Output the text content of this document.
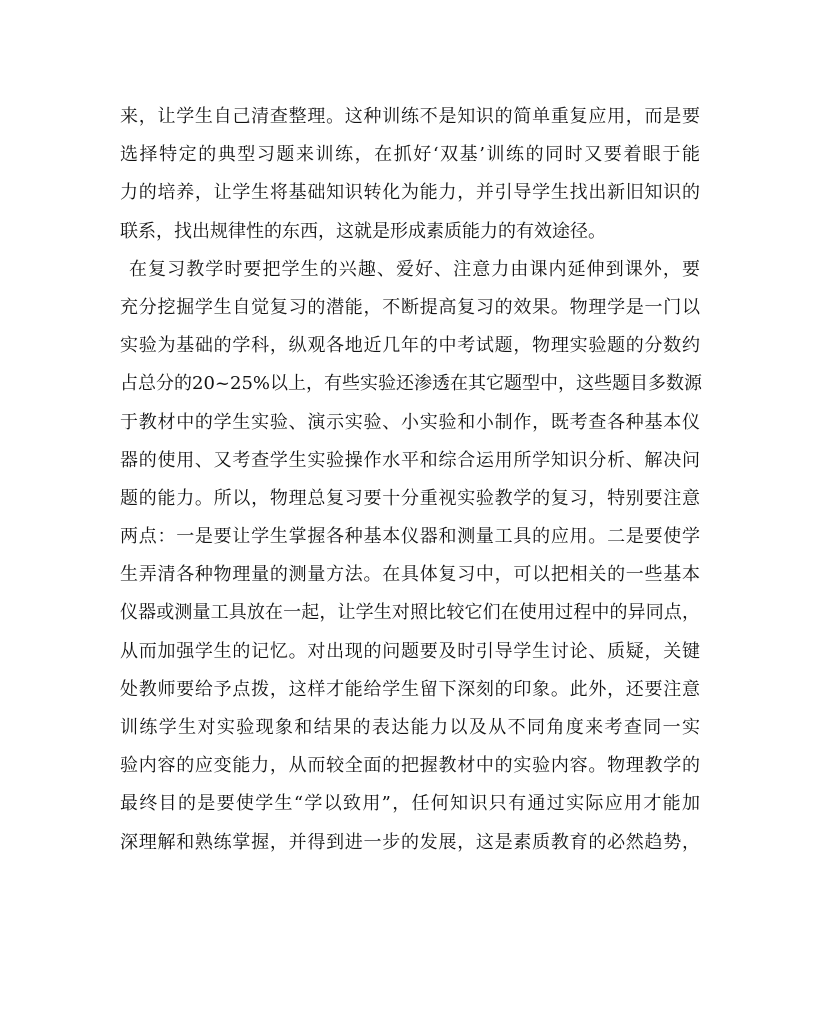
来，让学生自己清查整理。这种训练不是知识的简单重复应用，而是要
选择特定的典型习题来训练，在抓好‘双基’训练的同时又要着眼于能
力的培养，让学生将基础知识转化为能力，并引导学生找出新旧知识的
联系，找出规律性的东西，这就是形成素质能力的有效途径。
在复习教学时要把学生的兴趣、爱好、注意力由课内延伸到课外，要
充分挖掘学生自觉复习的潜能，不断提高复习的效果。物理学是一门以
实验为基础的学科，纵观各地近几年的中考试题，物理实验题的分数约
占总分的20~25%以上，有些实验还渗透在其它题型中，这些题目多数源
于教材中的学生实验、演示实验、小实验和小制作，既考查各种基本仪
器的使用、又考查学生实验操作水平和综合运用所学知识分析、解决问
题的能力。所以，物理总复习要十分重视实验教学的复习，特别要注意
两点：一是要让学生掌握各种基本仪器和测量工具的应用。二是要使学
生弄清各种物理量的测量方法。在具体复习中，可以把相关的一些基本
仪器或测量工具放在一起，让学生对照比较它们在使用过程中的异同点，
从而加强学生的记忆。对出现的问题要及时引导学生讨论、质疑，关键
处教师要给予点拨，这样才能给学生留下深刻的印象。此外，还要注意
训练学生对实验现象和结果的表达能力以及从不同角度来考查同一实
验内容的应变能力，从而较全面的把握教材中的实验内容。物理教学的
最终目的是要使学生“学以致用”，任何知识只有通过实际应用才能加
深理解和熟练掌握，并得到进一步的发展，这是素质教育的必然趋势，
